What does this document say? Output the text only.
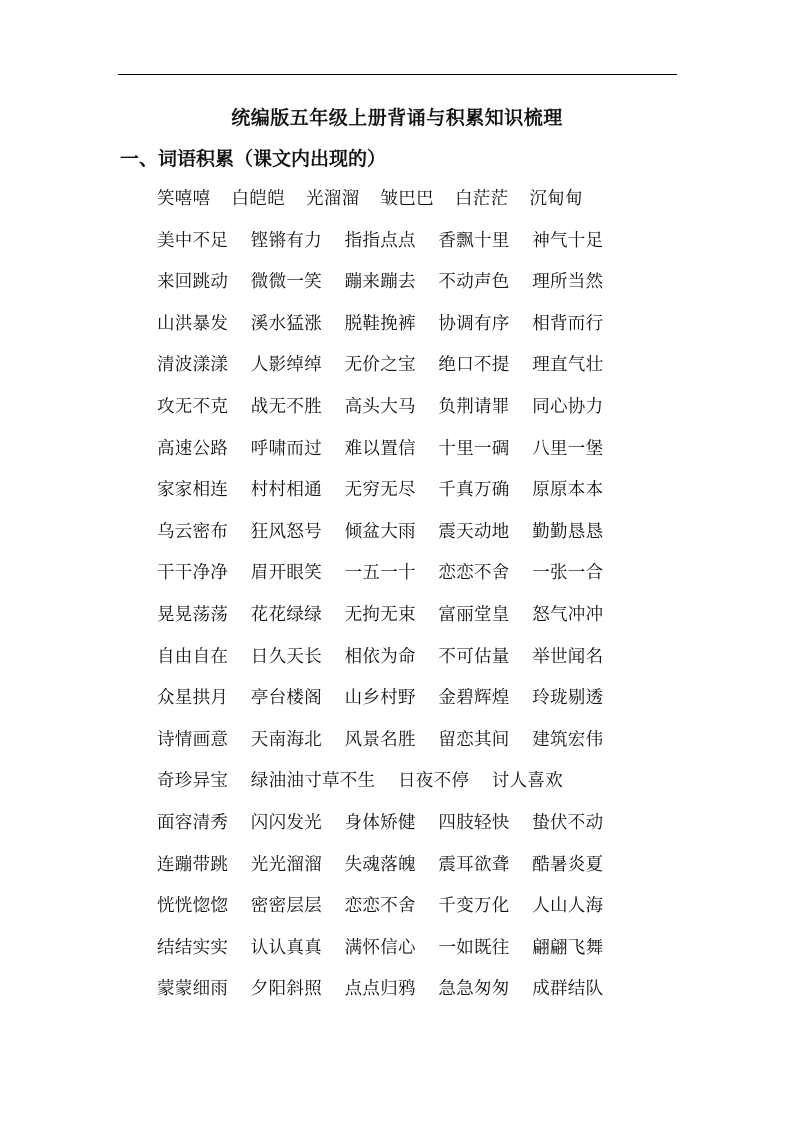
统编版五年级上册背诵与积累知识梳理
一、词语积累（课文内出现的）
笑嘻嘻	白皑皑	光溜溜	皱巴巴	白茫茫	沉甸甸
美中不足	铿锵有力	指指点点	香飘十里	神气十足
来回跳动	微微一笑	蹦来蹦去	不动声色	理所当然
山洪暴发	溪水猛涨	脱鞋挽裤	协调有序	相背而行
清波漾漾	人影绰绰	无价之宝	绝口不提	理直气壮
攻无不克	战无不胜	高头大马	负荆请罪	同心协力
高速公路	呼啸而过	难以置信	十里一碉	八里一堡
家家相连	村村相通	无穷无尽	千真万确	原原本本
乌云密布	狂风怒号	倾盆大雨	震天动地	勤勤恳恳
干干净净	眉开眼笑	一五一十	恋恋不舍	一张一合
晃晃荡荡	花花绿绿	无拘无束	富丽堂皇	怒气冲冲
自由自在	日久天长	相依为命	不可估量	举世闻名
众星拱月	亭台楼阁	山乡村野	金碧辉煌	玲珑剔透
诗情画意	天南海北	风景名胜	留恋其间	建筑宏伟
奇珍异宝	绿油油 寸草不生	日夜不停	讨人喜欢
面容清秀	闪闪发光	身体矫健	四肢轻快	蛰伏不动
连蹦带跳	光光溜溜	失魂落魄	震耳欲聋	酷暑炎夏
恍恍惚惚	密密层层	恋恋不舍	千变万化	人山人海
结结实实	认认真真	满怀信心	一如既往	翩翩飞舞
蒙蒙细雨	夕阳斜照	点点归鸦	急急匆匆	成群结队
